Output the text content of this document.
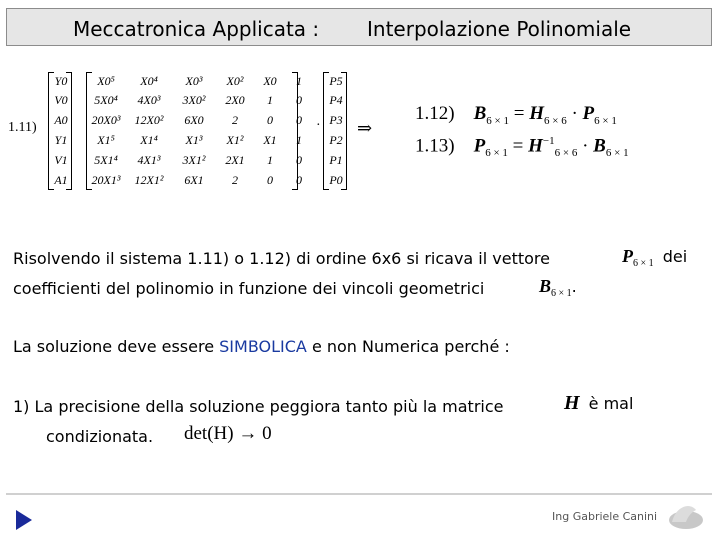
Meccatronica Applicata : Interpolazione Polinomiale
1.11)
Y0
V0
A0
Y1
V1
A1
X0⁵ X0⁴ X0³ X0² X0 1
5X0⁴ 4X0³ 3X0² 2X0 1 0
20X0³ 12X0² 6X0 2 0 0
X1⁵ X1⁴ X1³ X1² X1 1
5X1⁴ 4X1³ 3X1² 2X1 1 0
20X1³ 12X1² 6X1 2 0 0
P5
P4
P3
P2
P1
P0
· ⇒
1.12) $B_{6 \times 1} = H_{6 \times 6} \cdot P_{6 \times 1}$
1.13) $P_{6 \times 1} = H^{-1}_{6 \times 6} \cdot B_{6 \times 1}$
Risolvendo il sistema 1.11) o 1.12) di ordine 6x6 si ricava il vettore	$P_{6 \times 1}$ dei
coefficienti del polinomio in funzione dei vincoli geometrici	$B_{6 \times 1}$.
La soluzione deve essere SIMBOLICA e non Numerica perché :
1) La precisione della soluzione peggiora tanto più la matrice	H è mal
condizionata. det(H) → 0
Ing Gabriele Canini
